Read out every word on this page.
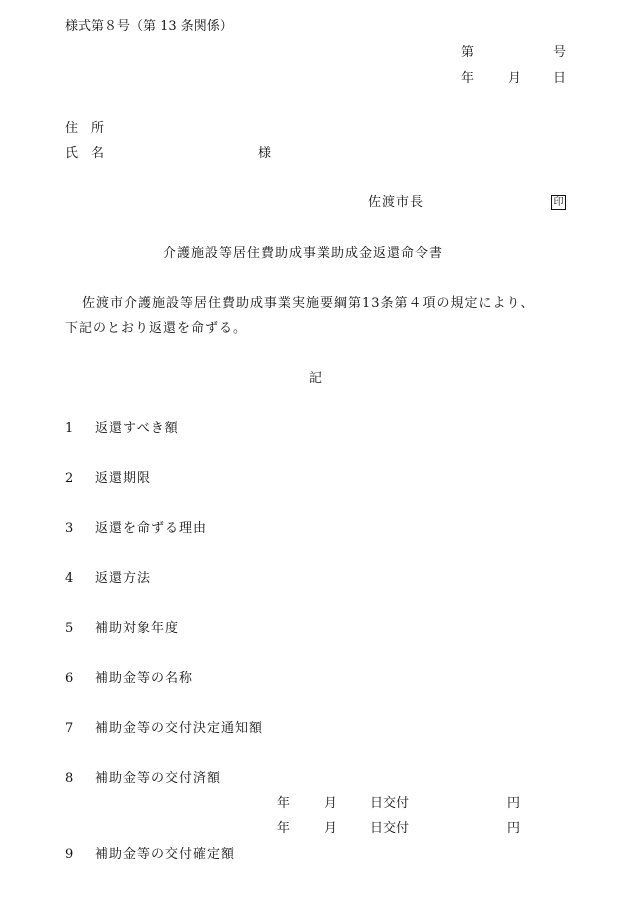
様式第８号（第 13 条関係）
第	号
年	月 日
住　所
氏　名	様
佐渡市長	印
介護施設等居住費助成事業助成金返還命令書
佐渡市介護施設等居住費助成事業実施要綱第13条第４項の規定により、
下記のとおり返還を命ずる。
記
1 返還すべき額
2 返還期限
3 返還を命ずる理由
4 返還方法
5 補助対象年度
6 補助金等の名称
7 補助金等の交付決定通知額
8 補助金等の交付済額
年	月	日交付	円
年	月	日交付	円
9 補助金等の交付確定額
